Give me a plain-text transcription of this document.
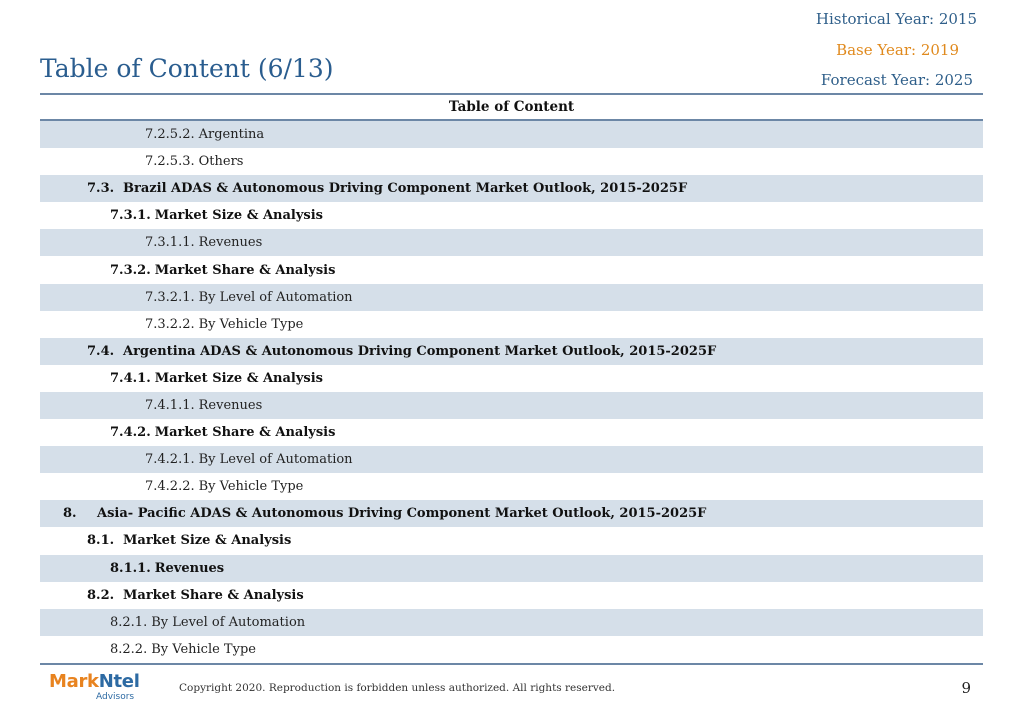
Historical Year: 2015
Base Year: 2019
Forecast Year: 2025
Table of Content (6/13)
Table of Content
7.2.5.2. Argentina
7.2.5.3. Others
7.3. Brazil ADAS & Autonomous Driving Component Market Outlook, 2015-2025F
7.3.1. Market Size & Analysis
7.3.1.1. Revenues
7.3.2. Market Share & Analysis
7.3.2.1. By Level of Automation
7.3.2.2. By Vehicle Type
7.4. Argentina ADAS & Autonomous Driving Component Market Outlook, 2015-2025F
7.4.1. Market Size & Analysis
7.4.1.1. Revenues
7.4.2. Market Share & Analysis
7.4.2.1. By Level of Automation
7.4.2.2. By Vehicle Type
8.	Asia- Pacific ADAS & Autonomous Driving Component Market Outlook, 2015-2025F
8.1. Market Size & Analysis
8.1.1. Revenues
8.2. Market Share & Analysis
8.2.1. By Level of Automation
8.2.2. By Vehicle Type
MarkNtel
Advisors
Copyright 2020. Reproduction is forbidden unless authorized. All rights reserved.	9
